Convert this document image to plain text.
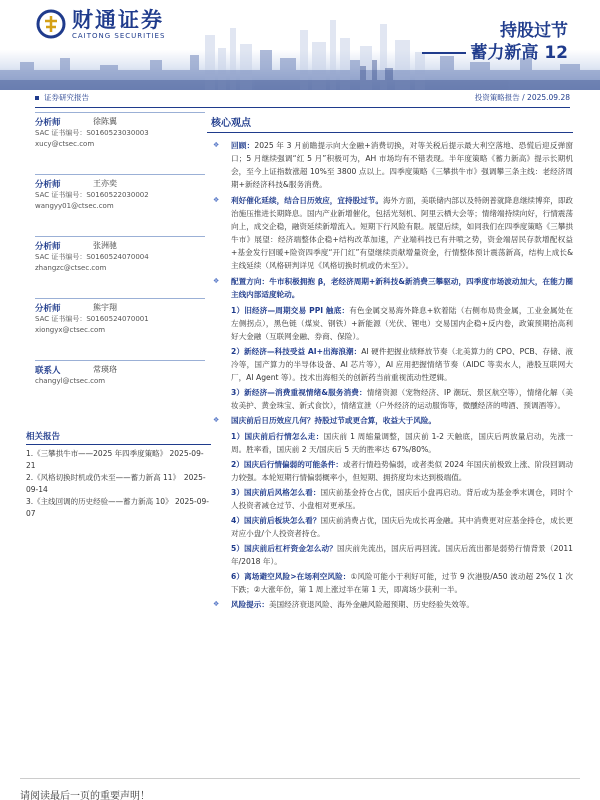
财通证券
CAITONG SECURITIES	持股过节
蓄力新高 12
证券研究报告	投资策略报告 / 2025.09.28
分析师	徐陈翼
SAC 证书编号：S0160523030003
xucy@ctsec.com
分析师	王亦奕
SAC 证书编号：S0160522030002
wangyy01@ctsec.com
分析师	张洲驰
SAC 证书编号：S0160524070004
zhangzc@ctsec.com
分析师	熊宇翔
SAC 证书编号：S0160524070001
xiongyx@ctsec.com
联系人	常瑛珞
changyl@ctsec.com
相关报告
1.《三攀拱牛市——2025 年四季度策略》 2025-09-21
2.《风格切换时机或仍未至——蓄力新高 11》　2025-09-14
3.《主线回调的历史经验——蓄力新高 10》 2025-09-07
核心观点
❖ 回顾：2025 年 3 月前瞻提示向大金融+消费切换，对等关税后提示最大利空落地、恐慌后迎反弹窗口；5 月继续强调“红 5 月”积极可为，AH 市场均有不错表现。半年度策略《蓄力新高》提示长期机会，至今上证指数涨超 10%至 3800 点以上。四季度策略《三攀拱牛市》强调攀三条主线：老经济周期+新经济科技&服务消费。
❖ 利好催化延续，结合日历效应，宜持股过节。海外方面，美联储内部以及特朗普就降息继续博弈，即政治施压推进长期降息。国内产业新增催化，包括光刻机、阿里云栖大会等；情绪端持续向好，行情震荡向上，成交企稳，融资延续新增流入。短期下行风险有限。展望后续，如同我们在四季度策略《三攀拱牛市》展望：经济端整体企稳+结构改革加速，产业端科技已有井喷之势，资金端居民存款增配权益+基金发行回暖+险资四季度“开门红”有望继续贡献增量资金，行情整体预计震荡新高，结构上成长&主线延续（风格研判详见《风格切换时机或仍未至》）。
❖ 配置方向：牛市积极拥抱 β，老经济周期+新科技&新消费三攀驱动，四季度市场波动加大，在能力圈主线内部适度轮动。
1）旧经济—周期交易 PPI 触底：有色金属交易海外降息+软着陆（右侧布局贵金属，工业金属处在左侧拐点），黑色链（煤炭、钢铁）+新能源（光伏、锂电）交易国内企稳+反内卷，政策预期抬高利好大金融（互联网金融、券商、保险）。
2）新经济—科技受益 AI+出海浪潮：AI 硬件把握业绩释放节奏（北美算力的 CPO、PCB、存储、液冷等，国产算力的半导体设备、AI 芯片等），AI 应用把握情绪节奏（AIDC 等卖水人，港股互联网大厂，AI Agent 等）。技术出海相关的创新药当前重视流动性逻辑。
3）新经济—消费重视情绪&服务消费：情绪资源（宠物经济、IP 潮玩、景区航空等），情绪化解（美妆美护、黄金珠宝、新式食饮），情绪宣泄（户外经济的运动服饰等，微醺经济的啤酒、预调酒等）。
❖ 国庆前后日历效应几何？持股过节或更合算，收益大于风险。
1）国庆前后行情怎么走：国庆前 1 周缩量调整，国庆前 1-2 天触底，国庆后两放量启动，先涨一周。胜率看，国庆前 2 天/国庆后 5 天的胜率达 67%/80%。
2）国庆后行情偏弱的可能条件：或者行情趋势偏弱，或者类似 2024 年国庆前极致上涨、阶段回调动力较强。本轮短期行情偏弱概率小，但短期、拥挤度均未达到极端值。
3）国庆前后风格怎么看：国庆前基金持仓占优，国庆后小盘再启动。背后或为基金季末调仓，同时个人投资者减仓过节、小盘相对更承压。
4）国庆前后板块怎么看？国庆前消费占优，国庆后先成长再金融。其中消费更对应基金持仓，成长更对应小盘/个人投资者持仓。
5）国庆前后杠杆资金怎么动？国庆前先流出，国庆后再回流。国庆后流出都是弱势行情背景（2011 年/2018 年）。
6）离场避空风险>在场利空风险：①风险可能小于利好可能，过节 9 次港股/A50 波动超 2%仅 1 次下跌；②大涨年份，第 1 周上涨过半在第 1 天，即离场少获利一半。
❖ 风险提示：美国经济衰退风险、海外金融风险超预期、历史经验失效等。
请阅读最后一页的重要声明！
